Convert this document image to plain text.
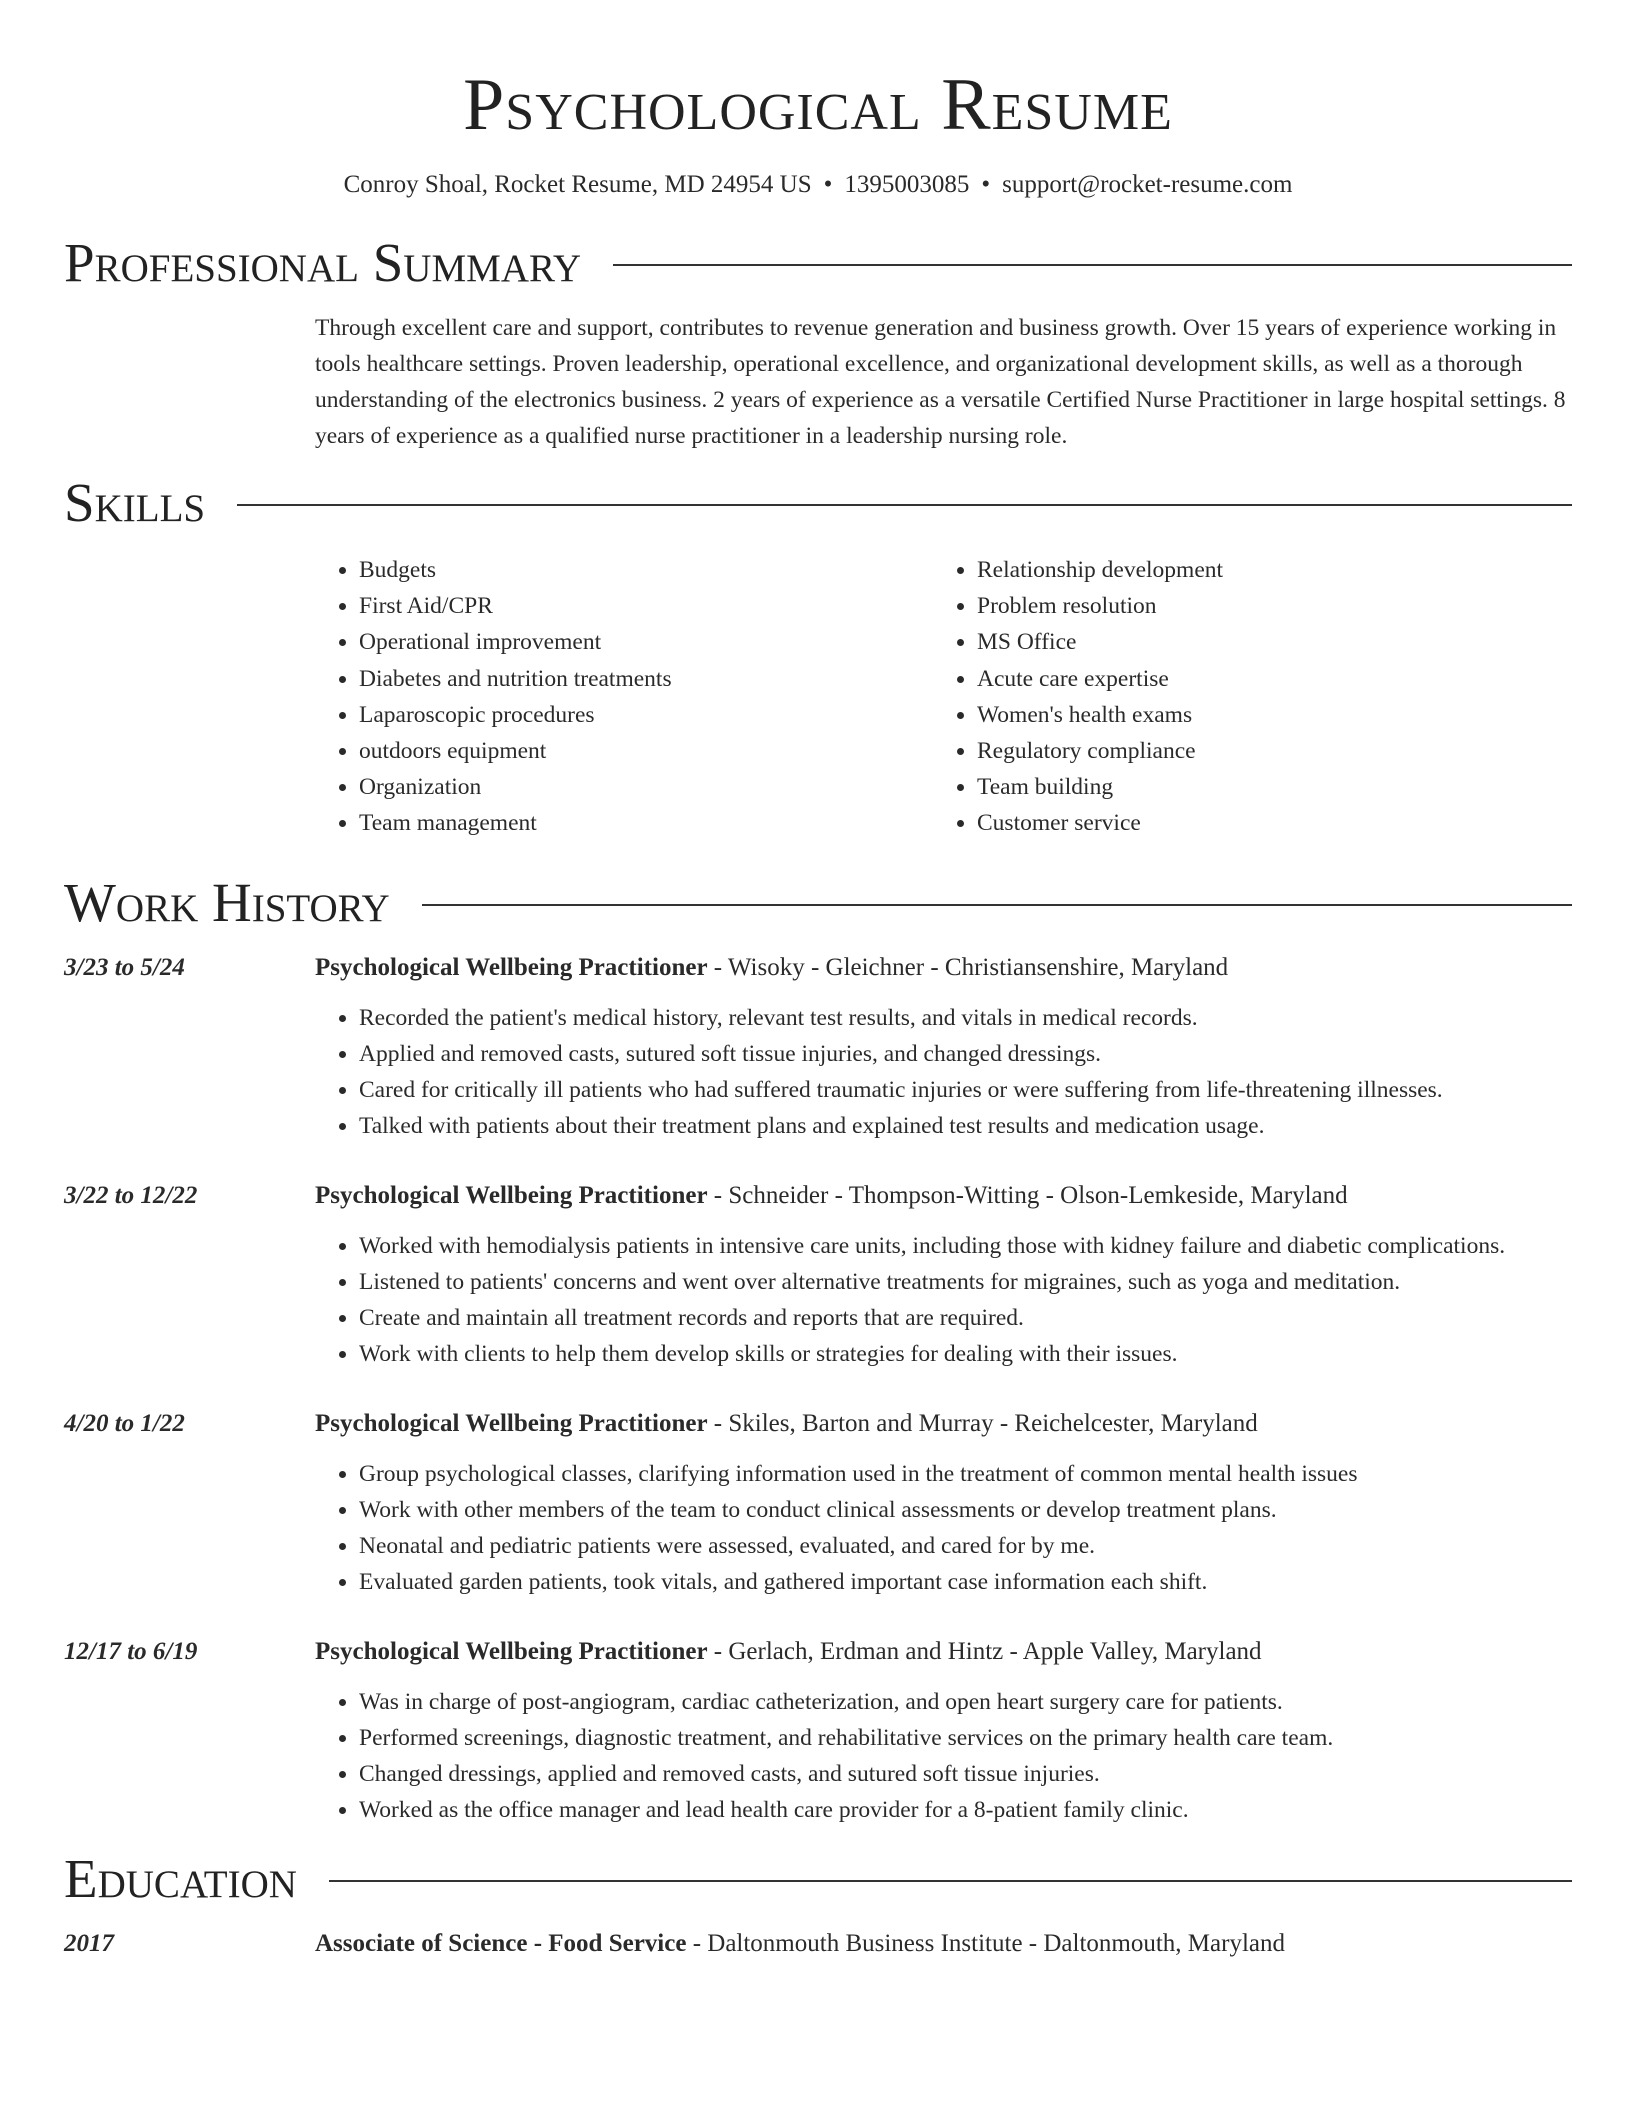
Psychological Resume
Conroy Shoal, Rocket Resume, MD 24954 US • 1395003085 • support@rocket-resume.com
Professional Summary
Through excellent care and support, contributes to revenue generation and business growth. Over 15 years of experience working in tools healthcare settings. Proven leadership, operational excellence, and organizational development skills, as well as a thorough understanding of the electronics business. 2 years of experience as a versatile Certified Nurse Practitioner in large hospital settings. 8 years of experience as a qualified nurse practitioner in a leadership nursing role.
Skills
• Budgets
• First Aid/CPR
• Operational improvement
• Diabetes and nutrition treatments
• Laparoscopic procedures
• outdoors equipment
• Organization
• Team management
• Relationship development
• Problem resolution
• MS Office
• Acute care expertise
• Women's health exams
• Regulatory compliance
• Team building
• Customer service
Work History
3/23 to 5/24	Psychological Wellbeing Practitioner - Wisoky - Gleichner - Christiansenshire, Maryland
• Recorded the patient's medical history, relevant test results, and vitals in medical records.
• Applied and removed casts, sutured soft tissue injuries, and changed dressings.
• Cared for critically ill patients who had suffered traumatic injuries or were suffering from life-threatening illnesses.
• Talked with patients about their treatment plans and explained test results and medication usage.
3/22 to 12/22	Psychological Wellbeing Practitioner - Schneider - Thompson-Witting - Olson-Lemkeside, Maryland
• Worked with hemodialysis patients in intensive care units, including those with kidney failure and diabetic complications.
• Listened to patients' concerns and went over alternative treatments for migraines, such as yoga and meditation.
• Create and maintain all treatment records and reports that are required.
• Work with clients to help them develop skills or strategies for dealing with their issues.
4/20 to 1/22	Psychological Wellbeing Practitioner - Skiles, Barton and Murray - Reichelcester, Maryland
• Group psychological classes, clarifying information used in the treatment of common mental health issues
• Work with other members of the team to conduct clinical assessments or develop treatment plans.
• Neonatal and pediatric patients were assessed, evaluated, and cared for by me.
• Evaluated garden patients, took vitals, and gathered important case information each shift.
12/17 to 6/19	Psychological Wellbeing Practitioner - Gerlach, Erdman and Hintz - Apple Valley, Maryland
• Was in charge of post-angiogram, cardiac catheterization, and open heart surgery care for patients.
• Performed screenings, diagnostic treatment, and rehabilitative services on the primary health care team.
• Changed dressings, applied and removed casts, and sutured soft tissue injuries.
• Worked as the office manager and lead health care provider for a 8-patient family clinic.
Education
2017	Associate of Science - Food Service - Daltonmouth Business Institute - Daltonmouth, Maryland
